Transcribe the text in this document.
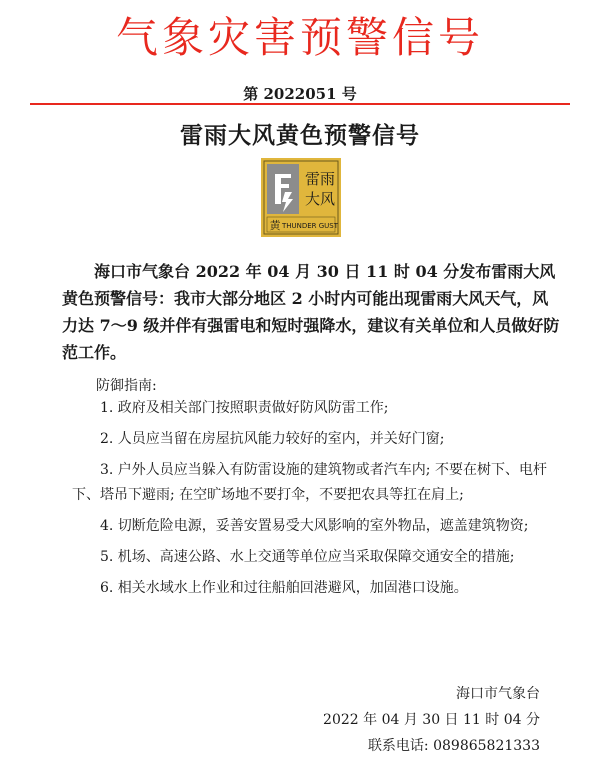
气象灾害预警信号
第 2022051 号
雷雨大风黄色预警信号
雷雨
大风
黄 THUNDER GUST

海口市气象台 2022 年 04 月 30 日 11 时 04 分发布雷雨大风黄色预警信号：我市大部分地区 2 小时内可能出现雷雨大风天气，风力达 7～9 级并伴有强雷电和短时强降水，建议有关单位和人员做好防范工作。

防御指南:
1. 政府及相关部门按照职责做好防风防雷工作;
2. 人员应当留在房屋抗风能力较好的室内，并关好门窗;
3. 户外人员应当躲入有防雷设施的建筑物或者汽车内; 不要在树下、电杆下、塔吊下避雨; 在空旷场地不要打伞，不要把农具等扛在肩上;
4. 切断危险电源，妥善安置易受大风影响的室外物品，遮盖建筑物资;
5. 机场、高速公路、水上交通等单位应当采取保障交通安全的措施;
6. 相关水域水上作业和过往船舶回港避风，加固港口设施。
海口市气象台
2022 年 04 月 30 日 11 时 04 分
联系电话: 089865821333
